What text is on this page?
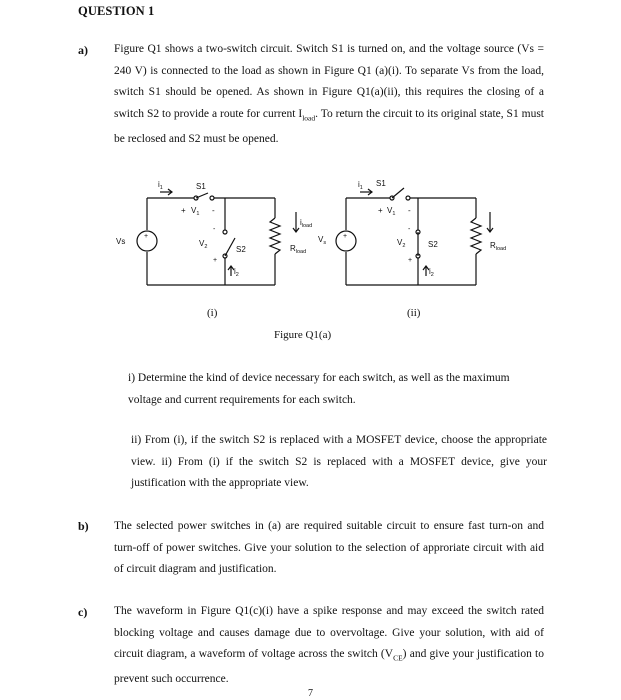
QUESTION 1
a) Figure Q1 shows a two-switch circuit. Switch S1 is turned on, and the voltage source (Vs = 240 V) is connected to the load as shown in Figure Q1 (a)(i). To separate Vs from the load, switch S1 should be opened. As shown in Figure Q1(a)(ii), this requires the closing of a switch S2 to provide a route for current $I_{load}$. To return the circuit to its original state, S1 must be reclosed and S2 must be opened.
$i_1$	S1
+ $V_1$ -
Vs
+
-
$V_2$
+
S2
$i_2$
$i_{load}$
$R_{load}$
$V_s$
+
$i_1$ S1
+ $V_1$ -
-
$V_2$
+
S2
$i_2$
$R_{load}$
(i)	(ii)
Figure Q1(a)
i) Determine the kind of device necessary for each switch, as well as the maximum voltage and current requirements for each switch.
ii) From (i), if the switch S2 is replaced with a MOSFET device, choose the appropriate view. ii) From (i) if the switch S2 is replaced with a MOSFET device, give your justification with the appropriate view.
b) The selected power switches in (a) are required suitable circuit to ensure fast turn-on and turn-off of power switches. Give your solution to the selection of approriate circuit with aid of circuit diagram and justification.
c) The waveform in Figure Q1(c)(i) have a spike response and may exceed the switch rated blocking voltage and causes damage due to overvoltage. Give your solution, with aid of circuit diagram, a waveform of voltage across the switch $(V_{CE})$ and give your justification to prevent such occurrence.
7
